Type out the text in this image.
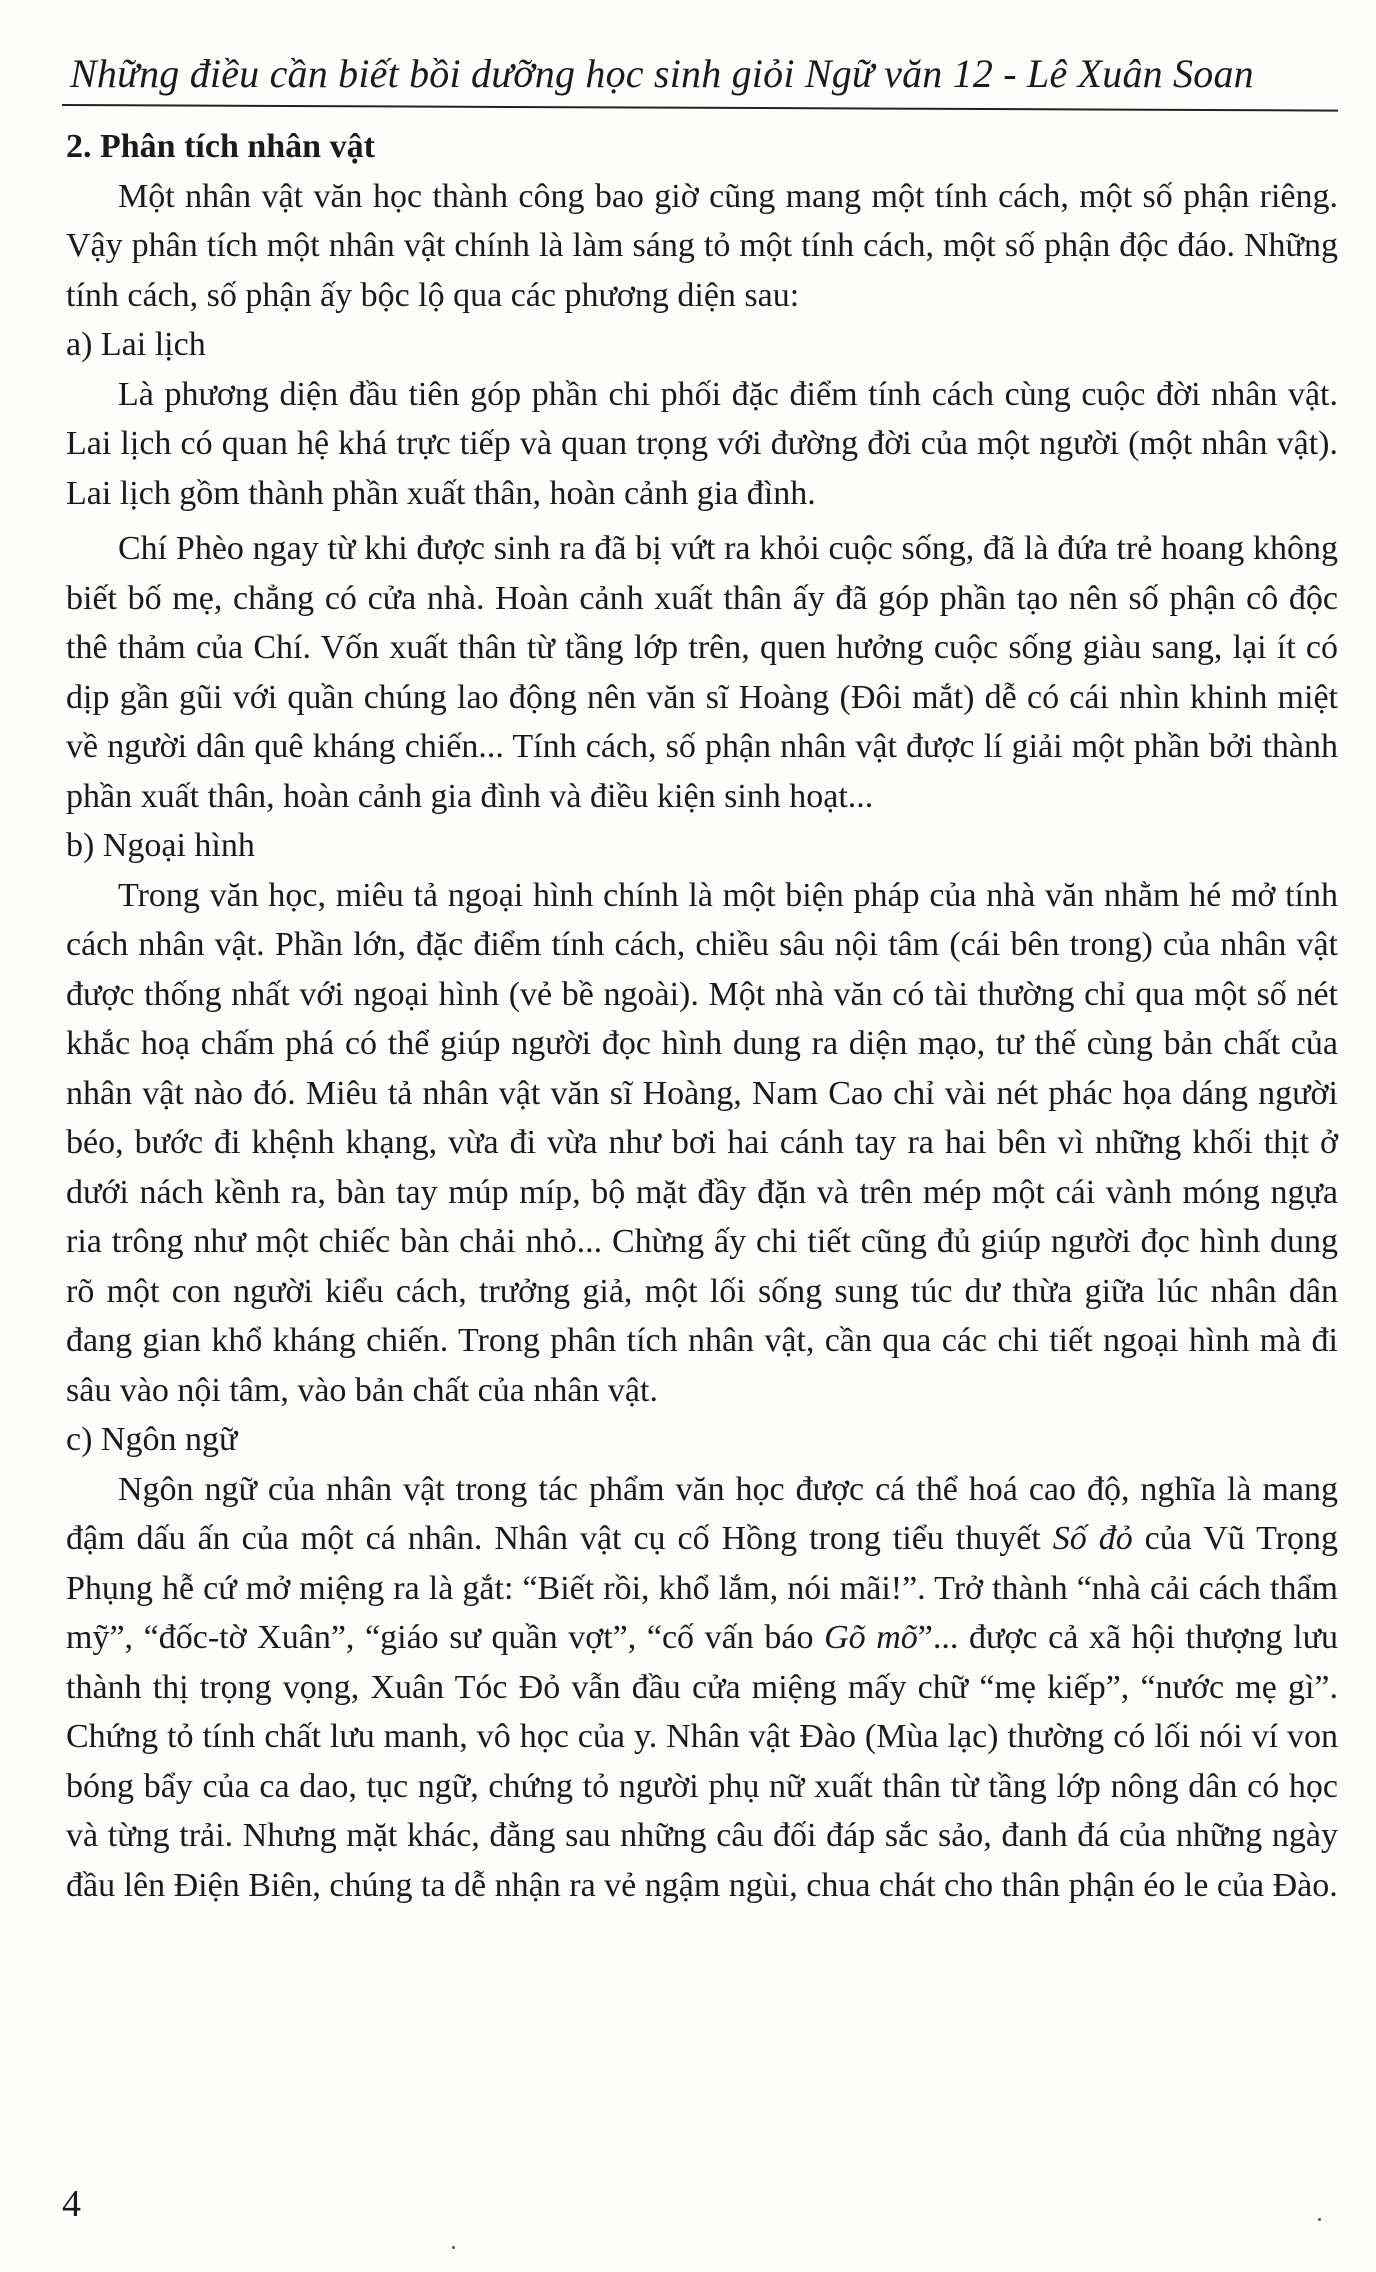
Những điều cần biết bồi dưỡng học sinh giỏi Ngữ văn 12 - Lê Xuân Soan

2. Phân tích nhân vật

Một nhân vật văn học thành công bao giờ cũng mang một tính cách, một số phận riêng. Vậy phân tích một nhân vật chính là làm sáng tỏ một tính cách, một số phận độc đáo. Những tính cách, số phận ấy bộc lộ qua các phương diện sau:

a) Lai lịch

Là phương diện đầu tiên góp phần chi phối đặc điểm tính cách cùng cuộc đời nhân vật. Lai lịch có quan hệ khá trực tiếp và quan trọng với đường đời của một người (một nhân vật). Lai lịch gồm thành phần xuất thân, hoàn cảnh gia đình.

Chí Phèo ngay từ khi được sinh ra đã bị vứt ra khỏi cuộc sống, đã là đứa trẻ hoang không biết bố mẹ, chẳng có cửa nhà. Hoàn cảnh xuất thân ấy đã góp phần tạo nên số phận cô độc thê thảm của Chí. Vốn xuất thân từ tầng lớp trên, quen hưởng cuộc sống giàu sang, lại ít có dịp gần gũi với quần chúng lao động nên văn sĩ Hoàng (Đôi mắt) dễ có cái nhìn khinh miệt về người dân quê kháng chiến... Tính cách, số phận nhân vật được lí giải một phần bởi thành phần xuất thân, hoàn cảnh gia đình và điều kiện sinh hoạt...

b) Ngoại hình

Trong văn học, miêu tả ngoại hình chính là một biện pháp của nhà văn nhằm hé mở tính cách nhân vật. Phần lớn, đặc điểm tính cách, chiều sâu nội tâm (cái bên trong) của nhân vật được thống nhất với ngoại hình (vẻ bề ngoài). Một nhà văn có tài thường chỉ qua một số nét khắc hoạ chấm phá có thể giúp người đọc hình dung ra diện mạo, tư thế cùng bản chất của nhân vật nào đó. Miêu tả nhân vật văn sĩ Hoàng, Nam Cao chỉ vài nét phác họa dáng người béo, bước đi khệnh khạng, vừa đi vừa như bơi hai cánh tay ra hai bên vì những khối thịt ở dưới nách kềnh ra, bàn tay múp míp, bộ mặt đầy đặn và trên mép một cái vành móng ngựa ria trông như một chiếc bàn chải nhỏ... Chừng ấy chi tiết cũng đủ giúp người đọc hình dung rõ một con người kiểu cách, trưởng giả, một lối sống sung túc dư thừa giữa lúc nhân dân đang gian khổ kháng chiến. Trong phân tích nhân vật, cần qua các chi tiết ngoại hình mà đi sâu vào nội tâm, vào bản chất của nhân vật.

c) Ngôn ngữ

Ngôn ngữ của nhân vật trong tác phẩm văn học được cá thể hoá cao độ, nghĩa là mang đậm dấu ấn của một cá nhân. Nhân vật cụ cố Hồng trong tiểu thuyết Số đỏ của Vũ Trọng Phụng hễ cứ mở miệng ra là gắt: “Biết rồi, khổ lắm, nói mãi!”. Trở thành “nhà cải cách thẩm mỹ”, “đốc-tờ Xuân”, “giáo sư quần vợt”, “cố vấn báo Gõ mõ”... được cả xã hội thượng lưu thành thị trọng vọng, Xuân Tóc Đỏ vẫn đầu cửa miệng mấy chữ “mẹ kiếp”, “nước mẹ gì”. Chứng tỏ tính chất lưu manh, vô học của y. Nhân vật Đào (Mùa lạc) thường có lối nói ví von bóng bẩy của ca dao, tục ngữ, chứng tỏ người phụ nữ xuất thân từ tầng lớp nông dân có học và từng trải. Nhưng mặt khác, đằng sau những câu đối đáp sắc sảo, đanh đá của những ngày đầu lên Điện Biên, chúng ta dễ nhận ra vẻ ngậm ngùi, chua chát cho thân phận éo le của Đào.

4
